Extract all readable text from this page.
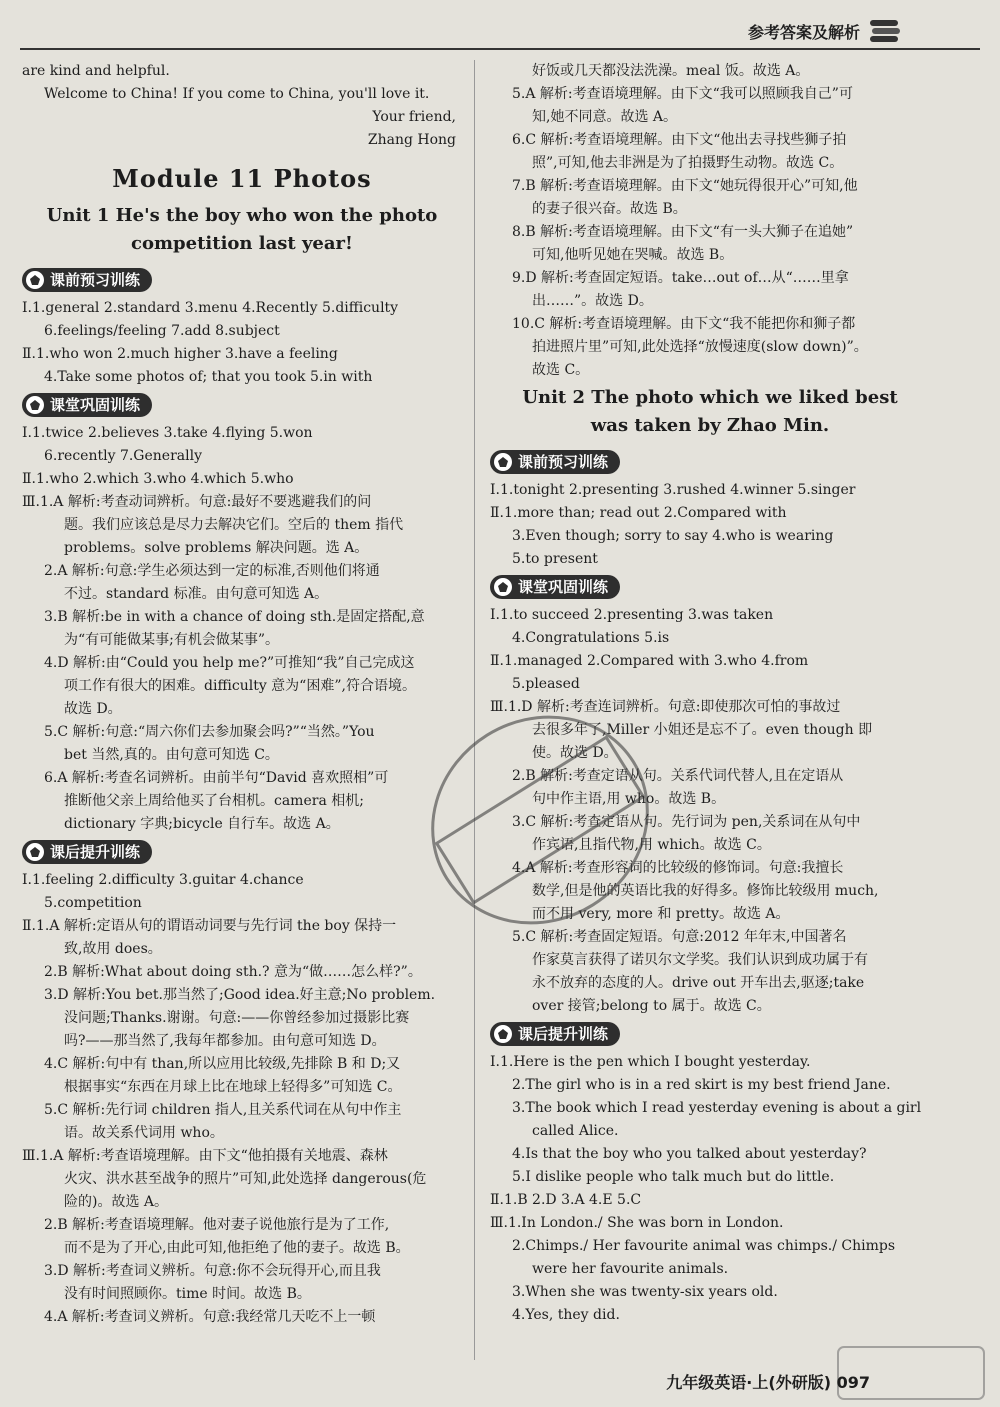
参考答案及解析
are kind and helpful.
Welcome to China! If you come to China, you'll love it.
Your friend,
Zhang Hong
Module 11 Photos
Unit 1 He's the boy who won the photo
competition last year!
课前预习训练
Ⅰ.1.general 2.standard 3.menu 4.Recently 5.difficulty
6.feelings/feeling 7.add 8.subject
Ⅱ.1.who won 2.much higher 3.have a feeling
4.Take some photos of; that you took 5.in with
课堂巩固训练
Ⅰ.1.twice 2.believes 3.take 4.flying 5.won
6.recently 7.Generally
Ⅱ.1.who 2.which 3.who 4.which 5.who
Ⅲ.1.A 解析:考查动词辨析。句意:最好不要逃避我们的问
题。我们应该总是尽力去解决它们。空后的 them 指代
problems。solve problems 解决问题。选 A。
2.A 解析:句意:学生必须达到一定的标准,否则他们将通
不过。standard 标准。由句意可知选 A。
3.B 解析:be in with a chance of doing sth.是固定搭配,意
为“有可能做某事;有机会做某事”。
4.D 解析:由“Could you help me?”可推知“我”自己完成这
项工作有很大的困难。difficulty 意为“困难”,符合语境。
故选 D。
5.C 解析:句意:“周六你们去参加聚会吗?”“当然。”You
bet 当然,真的。由句意可知选 C。
6.A 解析:考查名词辨析。由前半句“David 喜欢照相”可
推断他父亲上周给他买了台相机。camera 相机;
dictionary 字典;bicycle 自行车。故选 A。
课后提升训练
Ⅰ.1.feeling 2.difficulty 3.guitar 4.chance
5.competition
Ⅱ.1.A 解析:定语从句的谓语动词要与先行词 the boy 保持一
致,故用 does。
2.B 解析:What about doing sth.? 意为“做……怎么样?”。
3.D 解析:You bet.那当然了;Good idea.好主意;No problem.
没问题;Thanks.谢谢。句意:——你曾经参加过摄影比赛
吗?——那当然了,我每年都参加。由句意可知选 D。
4.C 解析:句中有 than,所以应用比较级,先排除 B 和 D;又
根据事实“东西在月球上比在地球上轻得多”可知选 C。
5.C 解析:先行词 children 指人,且关系代词在从句中作主
语。故关系代词用 who。
Ⅲ.1.A 解析:考查语境理解。由下文“他拍摄有关地震、森林
火灾、洪水甚至战争的照片”可知,此处选择 dangerous(危
险的)。故选 A。
2.B 解析:考查语境理解。他对妻子说他旅行是为了工作,
而不是为了开心,由此可知,他拒绝了他的妻子。故选 B。
3.D 解析:考查词义辨析。句意:你不会玩得开心,而且我
没有时间照顾你。time 时间。故选 B。
4.A 解析:考查词义辨析。句意:我经常几天吃不上一顿
好饭或几天都没法洗澡。meal 饭。故选 A。
5.A 解析:考查语境理解。由下文“我可以照顾我自己”可
知,她不同意。故选 A。
6.C 解析:考查语境理解。由下文“他出去寻找些狮子拍
照”,可知,他去非洲是为了拍摄野生动物。故选 C。
7.B 解析:考查语境理解。由下文“她玩得很开心”可知,他
的妻子很兴奋。故选 B。
8.B 解析:考查语境理解。由下文“有一头大狮子在追她”
可知,他听见她在哭喊。故选 B。
9.D 解析:考查固定短语。take…out of…从“……里拿
出……”。故选 D。
10.C 解析:考查语境理解。由下文“我不能把你和狮子都
拍进照片里”可知,此处选择“放慢速度(slow down)”。
故选 C。
Unit 2 The photo which we liked best
was taken by Zhao Min.
课前预习训练
Ⅰ.1.tonight 2.presenting 3.rushed 4.winner 5.singer
Ⅱ.1.more than; read out 2.Compared with
3.Even though; sorry to say 4.who is wearing
5.to present
课堂巩固训练
Ⅰ.1.to succeed 2.presenting 3.was taken
4.Congratulations 5.is
Ⅱ.1.managed 2.Compared with 3.who 4.from
5.pleased
Ⅲ.1.D 解析:考查连词辨析。句意:即使那次可怕的事故过
去很多年了,Miller 小姐还是忘不了。even though 即
使。故选 D。
2.B 解析:考查定语从句。关系代词代替人,且在定语从
句中作主语,用 who。故选 B。
3.C 解析:考查定语从句。先行词为 pen,关系词在从句中
作宾语,且指代物,用 which。故选 C。
4.A 解析:考查形容词的比较级的修饰词。句意:我擅长
数学,但是他的英语比我的好得多。修饰比较级用 much,
而不用 very, more 和 pretty。故选 A。
5.C 解析:考查固定短语。句意:2012 年年末,中国著名
作家莫言获得了诺贝尔文学奖。我们认识到成功属于有
永不放弃的态度的人。drive out 开车出去,驱逐;take
over 接管;belong to 属于。故选 C。
课后提升训练
Ⅰ.1.Here is the pen which I bought yesterday.
2.The girl who is in a red skirt is my best friend Jane.
3.The book which I read yesterday evening is about a girl
called Alice.
4.Is that the boy who you talked about yesterday?
5.I dislike people who talk much but do little.
Ⅱ.1.B 2.D 3.A 4.E 5.C
Ⅲ.1.In London./ She was born in London.
2.Chimps./ Her favourite animal was chimps./ Chimps
were her favourite animals.
3.When she was twenty-six years old.
4.Yes, they did.
九年级英语·上(外研版) 097
